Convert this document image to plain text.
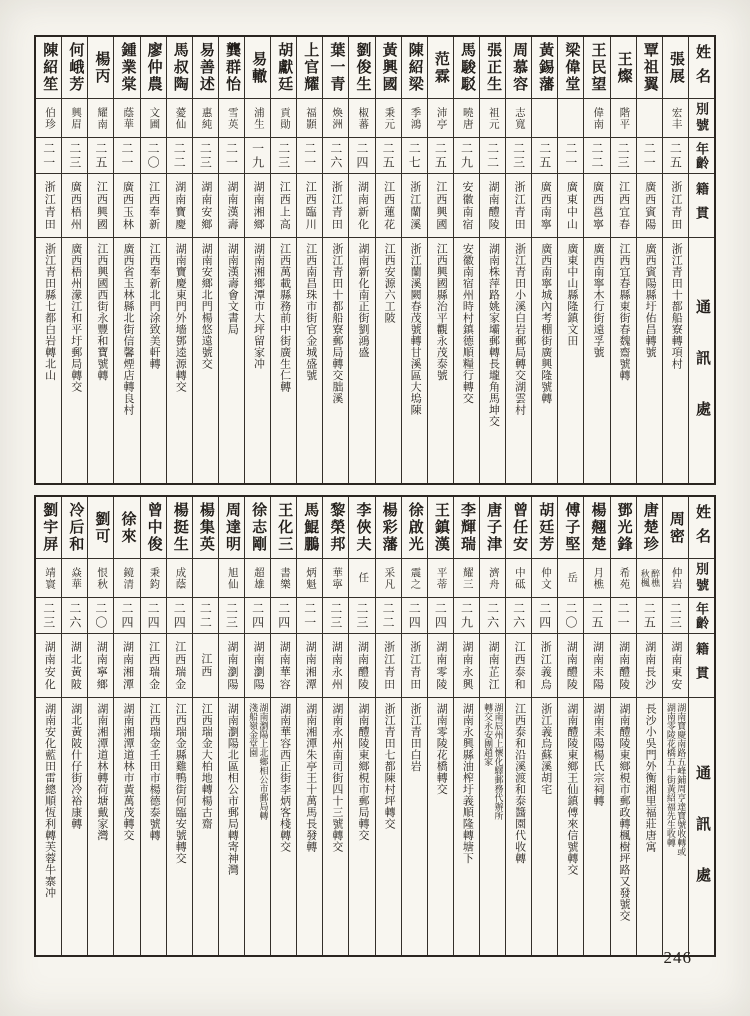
姓名
別號
年齡
籍貫
通訊處
張展
宏丰
二五
浙江青田
浙江青田十都船寮轉項村
覃祖翼
二一
廣西賓陽
廣西賓陽縣圩佑昌轉號
王燦
階平
二三
江西宜春
江西宜春縣東街春魏齋號轉
王民望
偉南
二二
廣西邕寧
廣西南寧木行街遠孚號
梁偉堂
二一
廣東中山
廣東中山縣隆鎮文田
黃錫藩
二五
廣西南寧
廣西南寧城內考棚街廣興隆號轉
周慕容
志寬
二三
浙江青田
浙江青田小溪白岩郵局轉交湖雲村
張正生
祖元
二二
湖南醴陵
湖南株萍路姚家壩郵轉長壠角馬坤交
馬駿駁
曉唐
二九
安徽南宿
安徽南宿州時村鎮德順糧行轉交
范霖
沛亭
二五
江西興國
江西興國縣治平觀永茂泰號
陳紹梁
季鴻
二七
浙江蘭溪
浙江蘭溪闕春茂號轉甘溪區大塢陳
黃興國
秉元
二五
江西蓮花
江西安源六工陂
劉俊生
椒蕃
二四
湖南新化
湖南新化南正街劉鴻盛
葉一青
煥洲
二六
浙江青田
浙江青田十都船寮郵局轉交朏溪
上官耀
福顥
二一
江西臨川
江西南昌珠市街官金城盛號
胡獻廷
貢勛
二三
江西上高
江西萬載縣務前中街廣生仁轉
易轍
浦生
一九
湖南湘鄉
湖南湘鄉潭市大坪留家冲
龔群怡
雪英
二一
湖南漢壽
湖南漢壽會文書局
易善述
惠純
二三
湖南安鄉
湖南安鄉北門楊悠遠號交
馬叔陶
薆仙
二二
湖南寶慶
湖南寶慶東門外墻鄧逵源轉交
廖仲農
文圃
二〇
江西奉新
江西奉新北門涂致美軒轉
鍾業棠
蔭華
二一
廣西玉林
廣西省玉林縣北街信馨煙店轉良村
楊丙
耀南
二五
江西興國
江西興國西街永豐和寶號轉
何峨芳
興眉
二三
廣西梧州
廣西梧州濛江和平圩郵局轉交
陳紹笙
伯珍
二一
浙江青田
浙江青田縣七都白岩轉北山
姓名
別號
年齡
籍貫
通訊處
周密
仲岩
二三
湖南東安
湖南寶慶南路五峰鋪周亨達寶號收轉或
湖南零陵花橋五十街黃紹福先生收轉
唐楚珍
醉樵
秋楓
二五
湖南長沙
長沙小吳門外衡湘里福莊唐寓
鄧光鋒
希苑
二一
湖南醴陵
湖南醴陵東鄉梘市郵政轉楓樹坪路又發號交
楊翹楚
月樵
二五
湖南耒陽
湖南耒陽楊氏宗祠轉
傅子堅
岳
二〇
湖南醴陵
湖南醴陵東鄉王仙鎮傅來信號轉交
胡廷芳
仲文
二四
浙江義烏
浙江義烏蘇溪胡宅
曾任安
中砥
二六
江西泰和
江西泰和沿溪渡和泰醬園代收轉
唐子津
濟舟
二六
湖南芷江
湖南辰州上懷化驛郵務代辦所
轉交永安團趙家
李輝瑞
耀三
二九
湖南永興
湖南永興縣油榨圩義順隆轉塘下
王鎮漢
平蒂
二四
湖南零陵
湖南零陵花橋轉交
徐啟光
震之
二四
浙江青田
浙江青田白岩
楊彩藩
采凡
二二
浙江青田
浙江青田七都陳村坪轉交
李俠夫
任
二三
湖南醴陵
湖南醴陵東鄉梘市郵局轉交
黎榮邦
華寧
二三
湖南永州
湖南永州南司街四十三號轉交
馬鯤鵬
炳魁
二一
湖南湘潭
湖南湘潭朱亭王十萬馬長發轉
王化三
書樂
二四
湖南華容
湖南華容西正街李炳客棧轉交
徐志剛
超雄
二四
湖南瀏陽
湖南瀏陽上北鄉相公市郵局轉
淺船嶺金堂園
周達明
旭仙
二三
湖南瀏陽
湖南瀏陽北區相公市郵局轉寄神灣
楊集英
二二
江西
江西瑞金大柏地轉楊古齋
楊挺生
成蔭
二四
江西瑞金
江西瑞金縣雞鴨街何臨安號轉交
曾中俊
秉鈞
二四
江西瑞金
江西瑞金壬田市楊德泰號轉
徐來
鏡清
二四
湖南湘潭
湖南湘潭道林市黃萬茂轉交
劉可
恨秋
二〇
湖南寧鄉
湖南湘潭道林轉荷塘戴家灣
冷后和
焱華
二六
湖北黃陂
湖北黃陂什仔街冷裕康轉
劉宇屏
靖寰
二三
湖南安化
湖南安化藍田雷總順恆利轉芙蓉牛寨冲
246
